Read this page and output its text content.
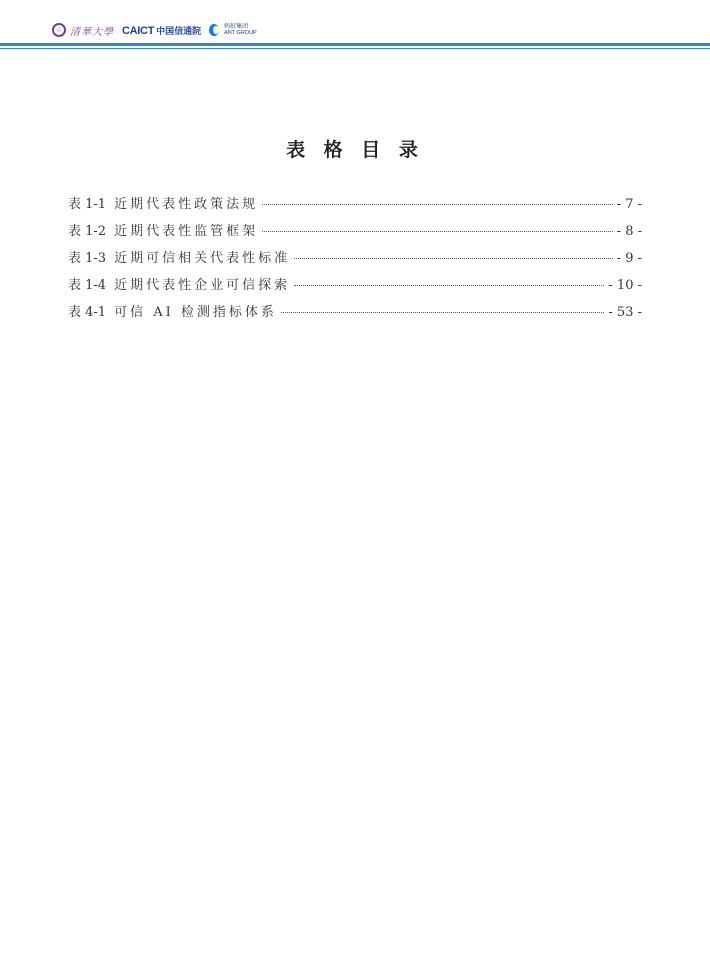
清華大學 CAICT 中国信通院	蚂蚁集团
ANT GROUP
表 格 目 录
表 1-1 近期代表性政策法规	- 7 -
表 1-2 近期代表性监管框架	- 8 -
表 1-3 近期可信相关代表性标准	- 9 -
表 1-4 近期代表性企业可信探索	- 10 -
表 4-1 可信 AI 检测指标体系	- 53 -
